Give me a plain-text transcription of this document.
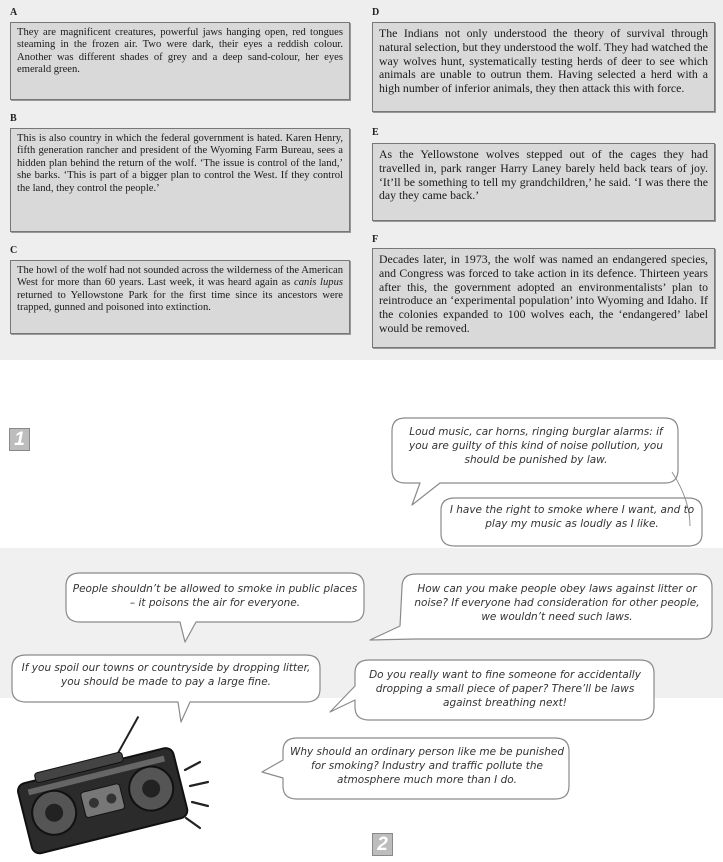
A

They are magnificent creatures, powerful jaws hanging open, red tongues steaming in the frozen air. Two were dark, their eyes a reddish colour. Another was different shades of grey and a deep sand-colour, her eyes emerald green.

B

This is also country in which the federal government is hated. Karen Henry, fifth generation rancher and president of the Wyoming Farm Bureau, sees a hidden plan behind the return of the wolf. ‘The issue is control of the land,’ she barks. ‘This is part of a bigger plan to control the West. If they control the land, they control the people.’

C

The howl of the wolf had not sounded across the wilderness of the American West for more than 60 years. Last week, it was heard again as canis lupus returned to Yellowstone Park for the first time since its ancestors were trapped, gunned and poisoned into extinction.

D

The Indians not only understood the theory of survival through natural selection, but they understood the wolf. They had watched the way wolves hunt, systematically testing herds of deer to see which animals are unable to outrun them. Having selected a herd with a high number of inferior animals, they then attack this with force.

E

As the Yellowstone wolves stepped out of the cages they had travelled in, park ranger Harry Laney barely held back tears of joy. ‘It’ll be something to tell my grandchildren,’ he said. ‘I was there the day they came back.’

F

Decades later, in 1973, the wolf was named an endangered species, and Congress was forced to take action in its defence. Thirteen years after this, the government adopted an environmentalists’ plan to reintroduce an ‘experimental population’ into Wyoming and Idaho. If the colonies expanded to 100 wolves each, the ‘endangered’ label would be removed.

1
2
Loud music, car horns, ringing burglar alarms: if you are guilty of this kind of noise pollution, you should be punished by law.
I have the right to smoke where I want, and to play my music as loudly as I like.
People shouldn’t be allowed to smoke in public places – it poisons the air for everyone.
How can you make people obey laws against litter or noise? If everyone had consideration for other people, we wouldn’t need such laws.
If you spoil our towns or countryside by dropping litter, you should be made to pay a large fine.
Do you really want to fine someone for accidentally dropping a small piece of paper? There’ll be laws against breathing next!
Why should an ordinary person like me be punished for smoking? Industry and traffic pollute the atmosphere much more than I do.
